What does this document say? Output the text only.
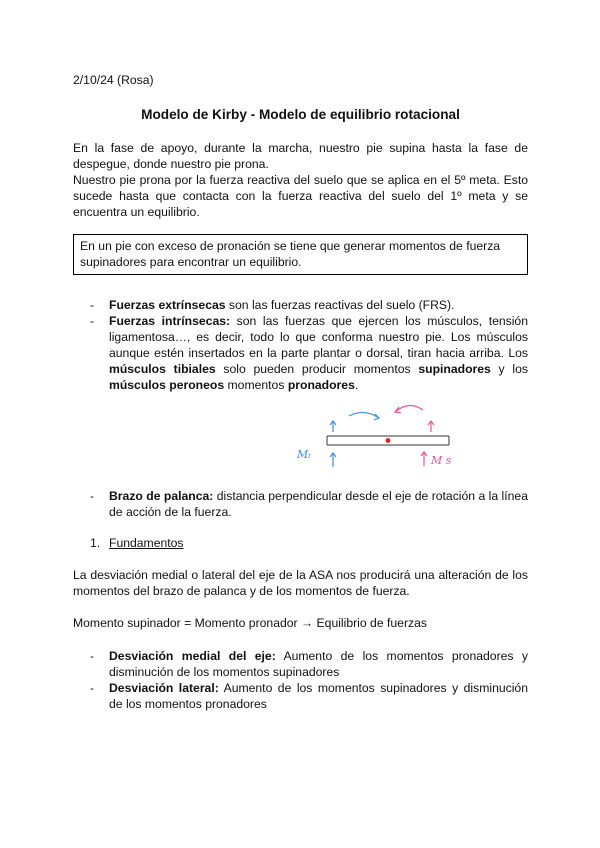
2/10/24 (Rosa)
Modelo de Kirby - Modelo de equilibrio rotacional

En la fase de apoyo, durante la marcha, nuestro pie supina hasta la fase de despegue, donde nuestro pie prona.

Nuestro pie prona por la fuerza reactiva del suelo que se aplica en el 5º meta. Esto sucede hasta que contacta con la fuerza reactiva del suelo del 1º meta y se encuentra un equilibrio.

En un pie con exceso de pronación se tiene que generar momentos de fuerza supinadores para encontrar un equilibrio.
- Fuerzas extrínsecas son las fuerzas reactivas del suelo (FRS).
- Fuerzas intrínsecas: son las fuerzas que ejercen los músculos, tensión ligamentosa…, es decir, todo lo que conforma nuestro pie. Los músculos aunque estén insertados en la parte plantar o dorsal, tiran hacia arriba. Los músculos tibiales solo pueden producir momentos supinadores y los músculos peroneos momentos pronadores.
Mₜ	M s
- Brazo de palanca: distancia perpendicular desde el eje de rotación a la línea de acción de la fuerza.
1. Fundamentos

La desviación medial o lateral del eje de la ASA nos producirá una alteración de los momentos del brazo de palanca y de los momentos de fuerza.

Momento supinador = Momento pronador → Equilibrio de fuerzas

- Desviación medial del eje: Aumento de los momentos pronadores y disminución de los momentos supinadores
- Desviación lateral: Aumento de los momentos supinadores y disminución de los momentos pronadores
